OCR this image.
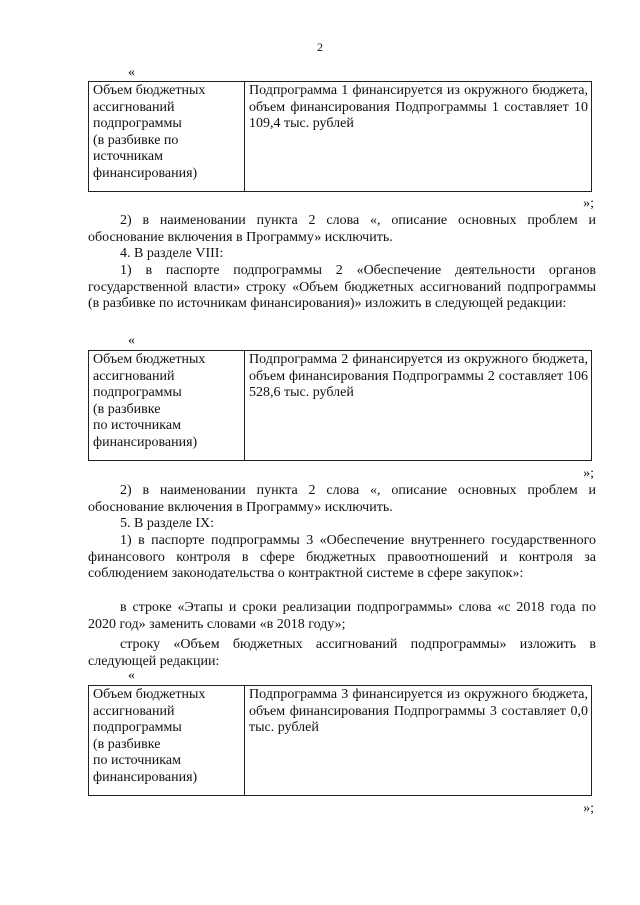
2
«
Объем бюджетных
ассигнований
подпрограммы
(в разбивке по
источникам
финансирования)	Подпрограмма 1 финансируется из окружного бюджета, объем финансирования Подпрограммы 1 составляет 10 109,4 тыс. рублей
»;

2) в наименовании пункта 2 слова «, описание основных проблем и обоснование включения в Программу» исключить.

4. В разделе VIII:

1) в паспорте подпрограммы 2 «Обеспечение деятельности органов государственной власти» строку «Объем бюджетных ассигнований подпрограммы (в разбивке по источникам финансирования)» изложить в следующей редакции:

«
Объем бюджетных
ассигнований
подпрограммы
(в разбивке
по источникам
финансирования)	Подпрограмма 2 финансируется из окружного бюджета, объем финансирования Подпрограммы 2 составляет 106 528,6 тыс. рублей
»;

2) в наименовании пункта 2 слова «, описание основных проблем и обоснование включения в Программу» исключить.

5. В разделе IX:

1) в паспорте подпрограммы 3 «Обеспечение внутреннего государственного финансового контроля в сфере бюджетных правоотношений и контроля за соблюдением законодательства о контрактной системе в сфере закупок»:

в строке «Этапы и сроки реализации подпрограммы» слова «с 2018 года по 2020 год» заменить словами «в 2018 году»;

строку «Объем бюджетных ассигнований подпрограммы» изложить в следующей редакции:

«
Объем бюджетных
ассигнований
подпрограммы
(в разбивке
по источникам
финансирования)	Подпрограмма 3 финансируется из окружного бюджета, объем финансирования Подпрограммы 3 составляет 0,0 тыс. рублей
»;
